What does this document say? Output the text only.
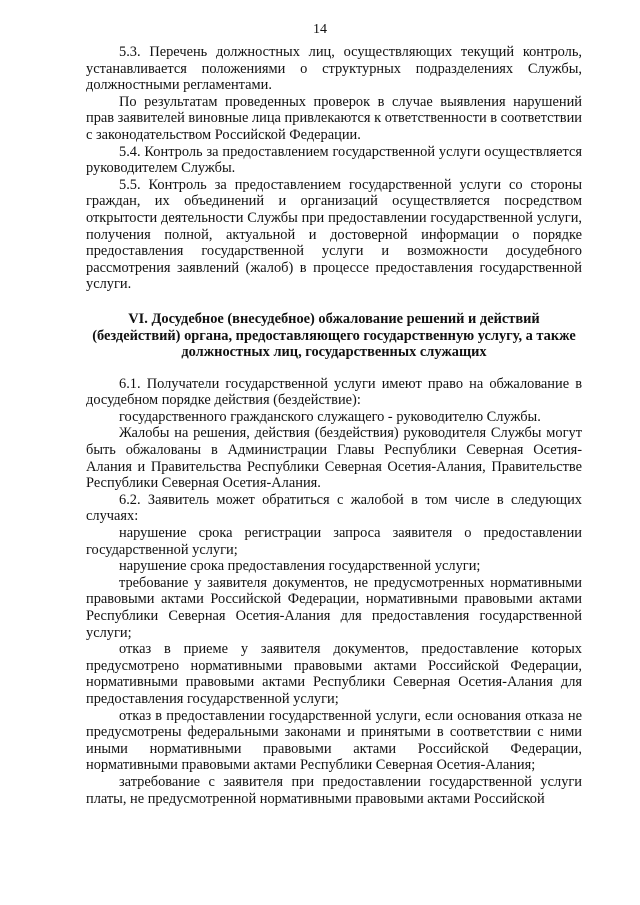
14

5.3. Перечень должностных лиц, осуществляющих текущий контроль, устанавливается положениями о структурных подразделениях Службы, должностными регламентами.

По результатам проведенных проверок в случае выявления нарушений прав заявителей виновные лица привлекаются к ответственности в соответствии с законодательством Российской Федерации.

5.4. Контроль за предоставлением государственной услуги осуществляется руководителем Службы.

5.5. Контроль за предоставлением государственной услуги со стороны граждан, их объединений и организаций осуществляется посредством открытости деятельности Службы при предоставлении государственной услуги, получения полной, актуальной и достоверной информации о порядке предоставления государственной услуги и возможности досудебного рассмотрения заявлений (жалоб) в процессе предоставления государственной услуги.

VI. Досудебное (внесудебное) обжалование решений и действий (бездействий) органа, предоставляющего государственную услугу, а также должностных лиц, государственных служащих

6.1. Получатели государственной услуги имеют право на обжалование в досудебном порядке действия (бездействие):

государственного гражданского служащего - руководителю Службы.

Жалобы на решения, действия (бездействия) руководителя Службы могут быть обжалованы в Администрации Главы Республики Северная Осетия-Алания и Правительства Республики Северная Осетия-Алания, Правительстве Республики Северная Осетия-Алания.

6.2. Заявитель может обратиться с жалобой в том числе в следующих случаях:

нарушение срока регистрации запроса заявителя о предоставлении государственной услуги;

нарушение срока предоставления государственной услуги;

требование у заявителя документов, не предусмотренных нормативными правовыми актами Российской Федерации, нормативными правовыми актами Республики Северная Осетия-Алания для предоставления государственной услуги;

отказ в приеме у заявителя документов, предоставление которых предусмотрено нормативными правовыми актами Российской Федерации, нормативными правовыми актами Республики Северная Осетия-Алания для предоставления государственной услуги;

отказ в предоставлении государственной услуги, если основания отказа не предусмотрены федеральными законами и принятыми в соответствии с ними иными нормативными правовыми актами Российской Федерации, нормативными правовыми актами Республики Северная Осетия-Алания;

затребование с заявителя при предоставлении государственной услуги платы, не предусмотренной нормативными правовыми актами Российской
